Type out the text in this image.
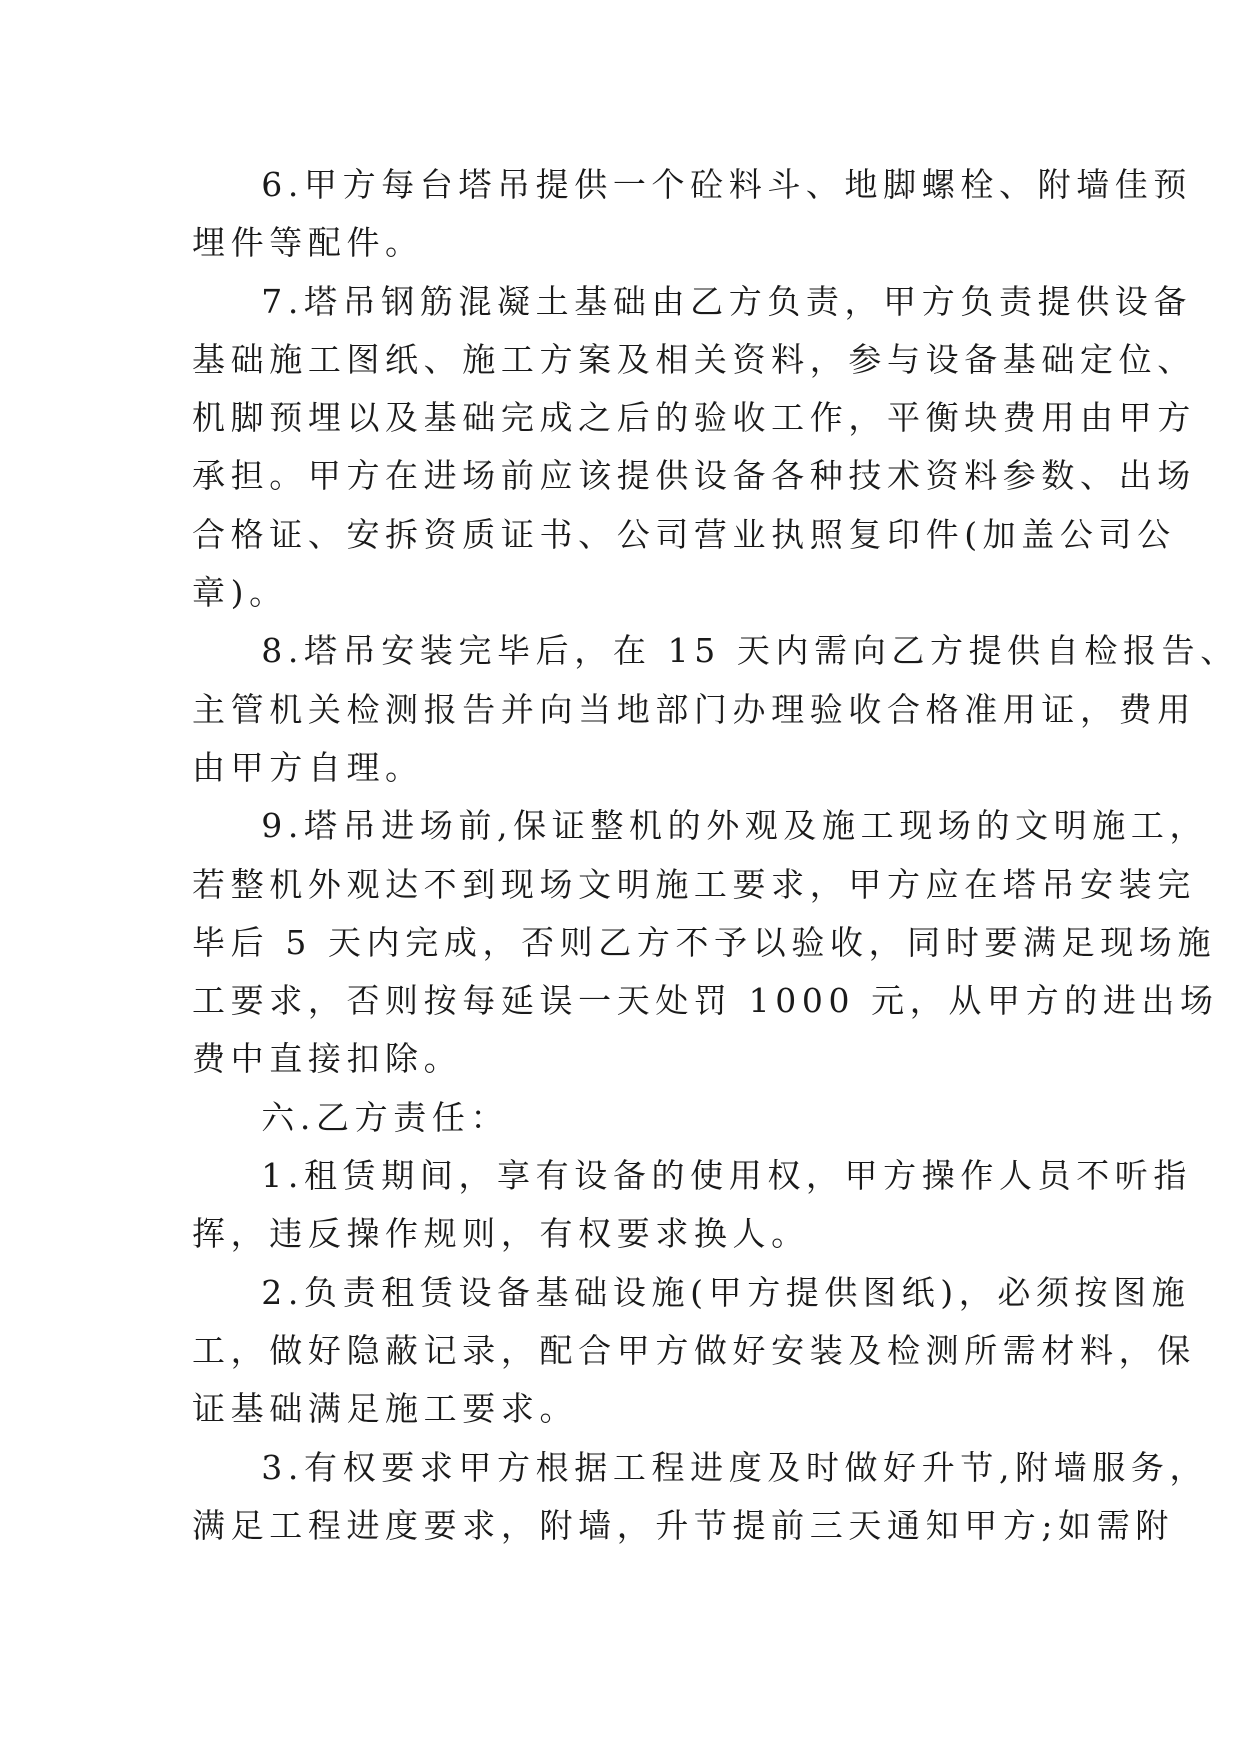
6.甲方每台塔吊提供一个砼料斗、地脚螺栓、附墙佳预
埋件等配件。

7.塔吊钢筋混凝土基础由乙方负责，甲方负责提供设备
基础施工图纸、施工方案及相关资料，参与设备基础定位、
机脚预埋以及基础完成之后的验收工作，平衡块费用由甲方
承担。甲方在进场前应该提供设备各种技术资料参数、出场
合格证、安拆资质证书、公司营业执照复印件(加盖公司公
章)。

8.塔吊安装完毕后，在 15 天内需向乙方提供自检报告、
主管机关检测报告并向当地部门办理验收合格准用证，费用
由甲方自理。

9.塔吊进场前,保证整机的外观及施工现场的文明施工，
若整机外观达不到现场文明施工要求，甲方应在塔吊安装完
毕后 5 天内完成，否则乙方不予以验收，同时要满足现场施
工要求，否则按每延误一天处罚 1000 元，从甲方的进出场
费中直接扣除。

六.乙方责任：

1.租赁期间，享有设备的使用权，甲方操作人员不听指
挥，违反操作规则，有权要求换人。

2.负责租赁设备基础设施(甲方提供图纸)，必须按图施
工，做好隐蔽记录，配合甲方做好安装及检测所需材料，保
证基础满足施工要求。

3.有权要求甲方根据工程进度及时做好升节,附墙服务，
满足工程进度要求，附墙，升节提前三天通知甲方;如需附
